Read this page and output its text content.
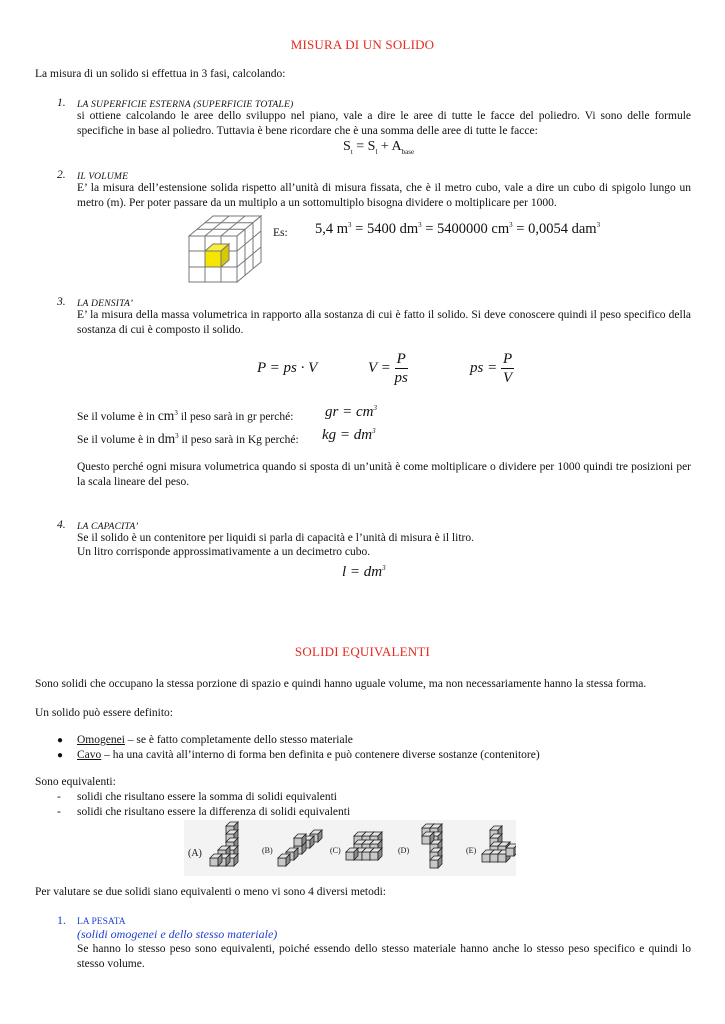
MISURA DI UN SOLIDO
La misura di un solido si effettua in 3 fasi, calcolando:
1. LA SUPERFICIE ESTERNA (SUPERFICIE TOTALE)
si ottiene calcolando le aree dello sviluppo nel piano, vale a dire le aree di tutte le facce del poliedro. Vi sono delle formule specifiche in base al poliedro. Tuttavia è bene ricordare che è una somma delle aree di tutte le facce:
$S_t = S_l + A_{base}$
2. IL VOLUME
E’ la misura dell’estensione solida rispetto all’unità di misura fissata, che è il metro cubo, vale a dire un cubo di spigolo lungo un metro (m). Per poter passare da un multiplo a un sottomultiplo bisogna dividere o moltiplicare per 1000.
Es: 5,4 $m^3 = 5400$ $dm^3 = 5400000$ $cm^3 = 0,0054$ dam$^3$
3. LA DENSITA’
E’ la misura della massa volumetrica in rapporto alla sostanza di cui è fatto il solido. Si deve conoscere quindi il peso specifico della sostanza di cui è composto il solido.
P = ps · V	$V = \frac{P}{ps}$	ps = $\frac{P}{V}$
Se il volume è in $cm^3$ il peso sarà in gr perché: gr = $cm^3$
Se il volume è in $dm^3$ il peso sarà in Kg perché: kg = $dm^3$
Questo perché ogni misura volumetrica quando si sposta di un’unità è come moltiplicare o dividere per 1000 quindi tre posizioni per la scala lineare del peso.
4. LA CAPACITA’
Se il solido è un contenitore per liquidi si parla di capacità e l’unità di misura è il litro.
Un litro corrisponde approssimativamente a un decimetro cubo.
$l = dm^3$
SOLIDI EQUIVALENTI
Sono solidi che occupano la stessa porzione di spazio e quindi hanno uguale volume, ma non necessariamente hanno la stessa forma.
Un solido può essere definito:
● Omogenei – se è fatto completamente dello stesso materiale
● Cavo – ha una cavità all’interno di forma ben definita e può contenere diverse sostanze (contenitore)
Sono equivalenti:
- solidi che risultano essere la somma di solidi equivalenti
- solidi che risultano essere la differenza di solidi equivalenti
(A)	(B)	(C)	(D)	(E)
Per valutare se due solidi siano equivalenti o meno vi sono 4 diversi metodi:
1. LA PESATA
(solidi omogenei e dello stesso materiale)
Se hanno lo stesso peso sono equivalenti, poiché essendo dello stesso materiale hanno anche lo stesso peso specifico e quindi lo stesso volume.
